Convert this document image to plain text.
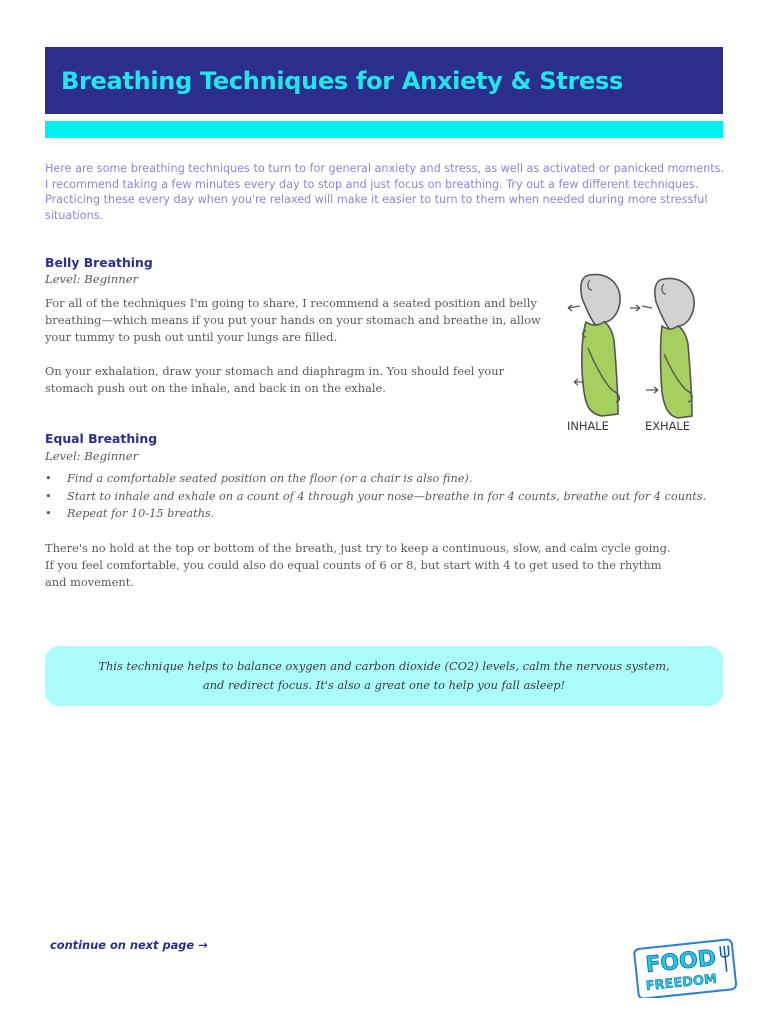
Breathing Techniques for Anxiety & Stress

Here are some breathing techniques to turn to for general anxiety and stress, as well as activated or panicked moments. I recommend taking a few minutes every day to stop and just focus on breathing. Try out a few different techniques. Practicing these every day when you're relaxed will make it easier to turn to them when needed during more stressful situations.

Belly Breathing

Level: Beginner

For all of the techniques I'm going to share, I recommend a seated position and belly breathing—which means if you put your hands on your stomach and breathe in, allow your tummy to push out until your lungs are filled.

On your exhalation, draw your stomach and diaphragm in. You should feel your stomach push out on the inhale, and back in on the exhale.

INHALE	EXHALE
Equal Breathing

Level: Beginner

• Find a comfortable seated position on the floor (or a chair is also fine).
• Start to inhale and exhale on a count of 4 through your nose—breathe in for 4 counts, breathe out for 4 counts.
• Repeat for 10-15 breaths.

There's no hold at the top or bottom of the breath, just try to keep a continuous, slow, and calm cycle going.
If you feel comfortable, you could also do equal counts of 6 or 8, but start with 4 to get used to the rhythm
and movement.

This technique helps to balance oxygen and carbon dioxide (CO2) levels, calm the nervous system,

and redirect focus. It's also a great one to help you fall asleep!

continue on next page →

FOOD
FREEDOM
